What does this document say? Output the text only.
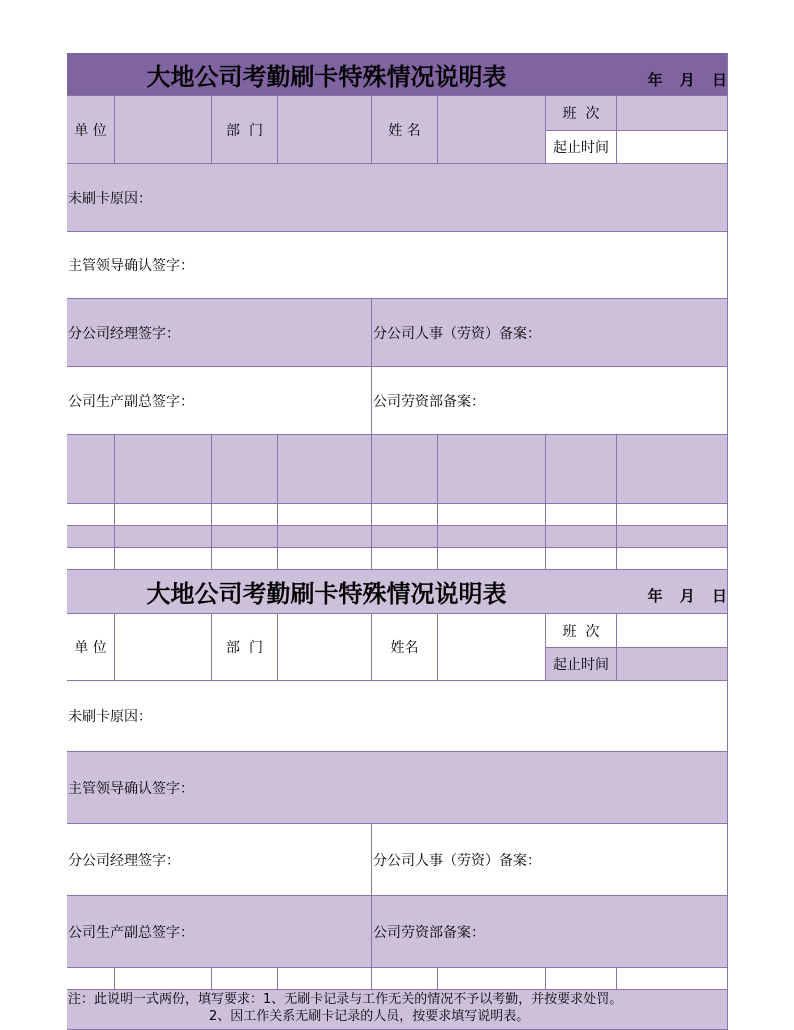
大地公司考勤刷卡特殊情况说明表	年 月 日
单 位	部  门	姓 名
班  次
起止时间
未刷卡原因：
主管领导确认签字：
分公司经理签字：	分公司人事（劳资）备案：
公司生产副总签字：	公司劳资部备案：
大地公司考勤刷卡特殊情况说明表	年 月 日
单 位	部  门	姓名
班  次
起止时间
未刷卡原因：
主管领导确认签字：
分公司经理签字：	分公司人事（劳资）备案：
公司生产副总签字：	公司劳资部备案：
注：此说明一式两份，填写要求：1、无刷卡记录与工作无关的情况不予以考勤，并按要求处罚。
2、因工作关系无刷卡记录的人员，按要求填写说明表。
